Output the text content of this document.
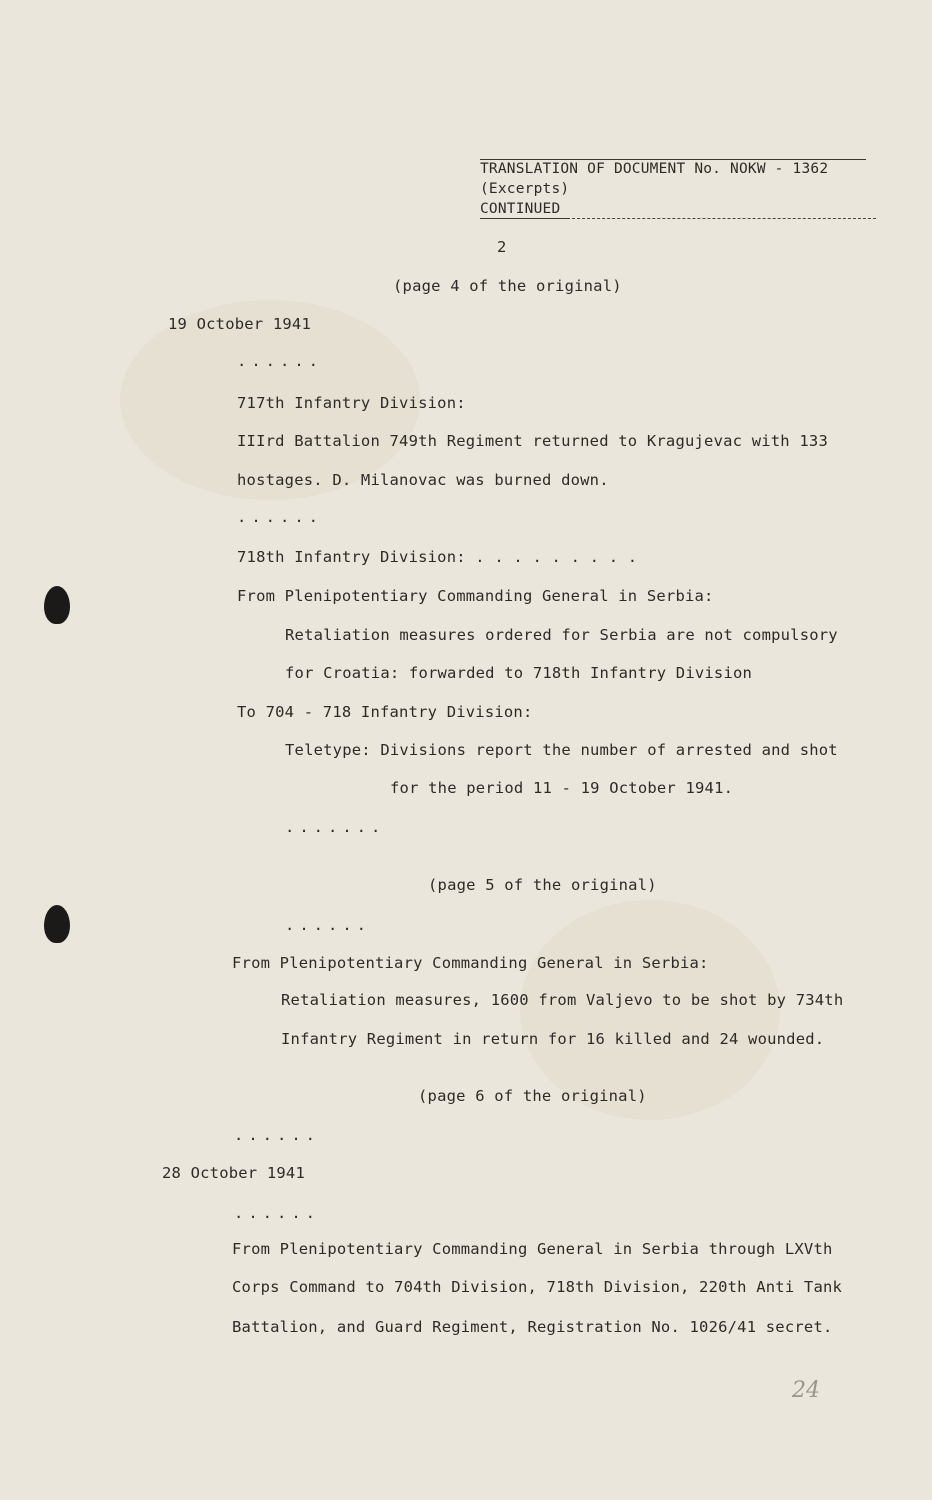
TRANSLATION OF DOCUMENT No. NOKW - 1362
(Excerpts)
CONTINUED
2
(page 4 of the original)
19 October 1941
......
717th Infantry Division:
IIIrd Battalion 749th Regiment returned to Kragujevac with 133
hostages. D. Milanovac was burned down.
......
718th Infantry Division: . . . . . . . . .
From Plenipotentiary Commanding General in Serbia:
Retaliation measures ordered for Serbia are not compulsory
for Croatia: forwarded to 718th Infantry Division
To 704 - 718 Infantry Division:
Teletype: Divisions report the number of arrested and shot
for the period 11 - 19 October 1941.
.......
(page 5 of the original)
......
From Plenipotentiary Commanding General in Serbia:
Retaliation measures, 1600 from Valjevo to be shot by 734th
Infantry Regiment in return for 16 killed and 24 wounded.
(page 6 of the original)
......
28 October 1941
......
From Plenipotentiary Commanding General in Serbia through LXVth
Corps Command to 704th Division, 718th Division, 220th Anti Tank
Battalion, and Guard Regiment, Registration No. 1026/41 secret.
24
